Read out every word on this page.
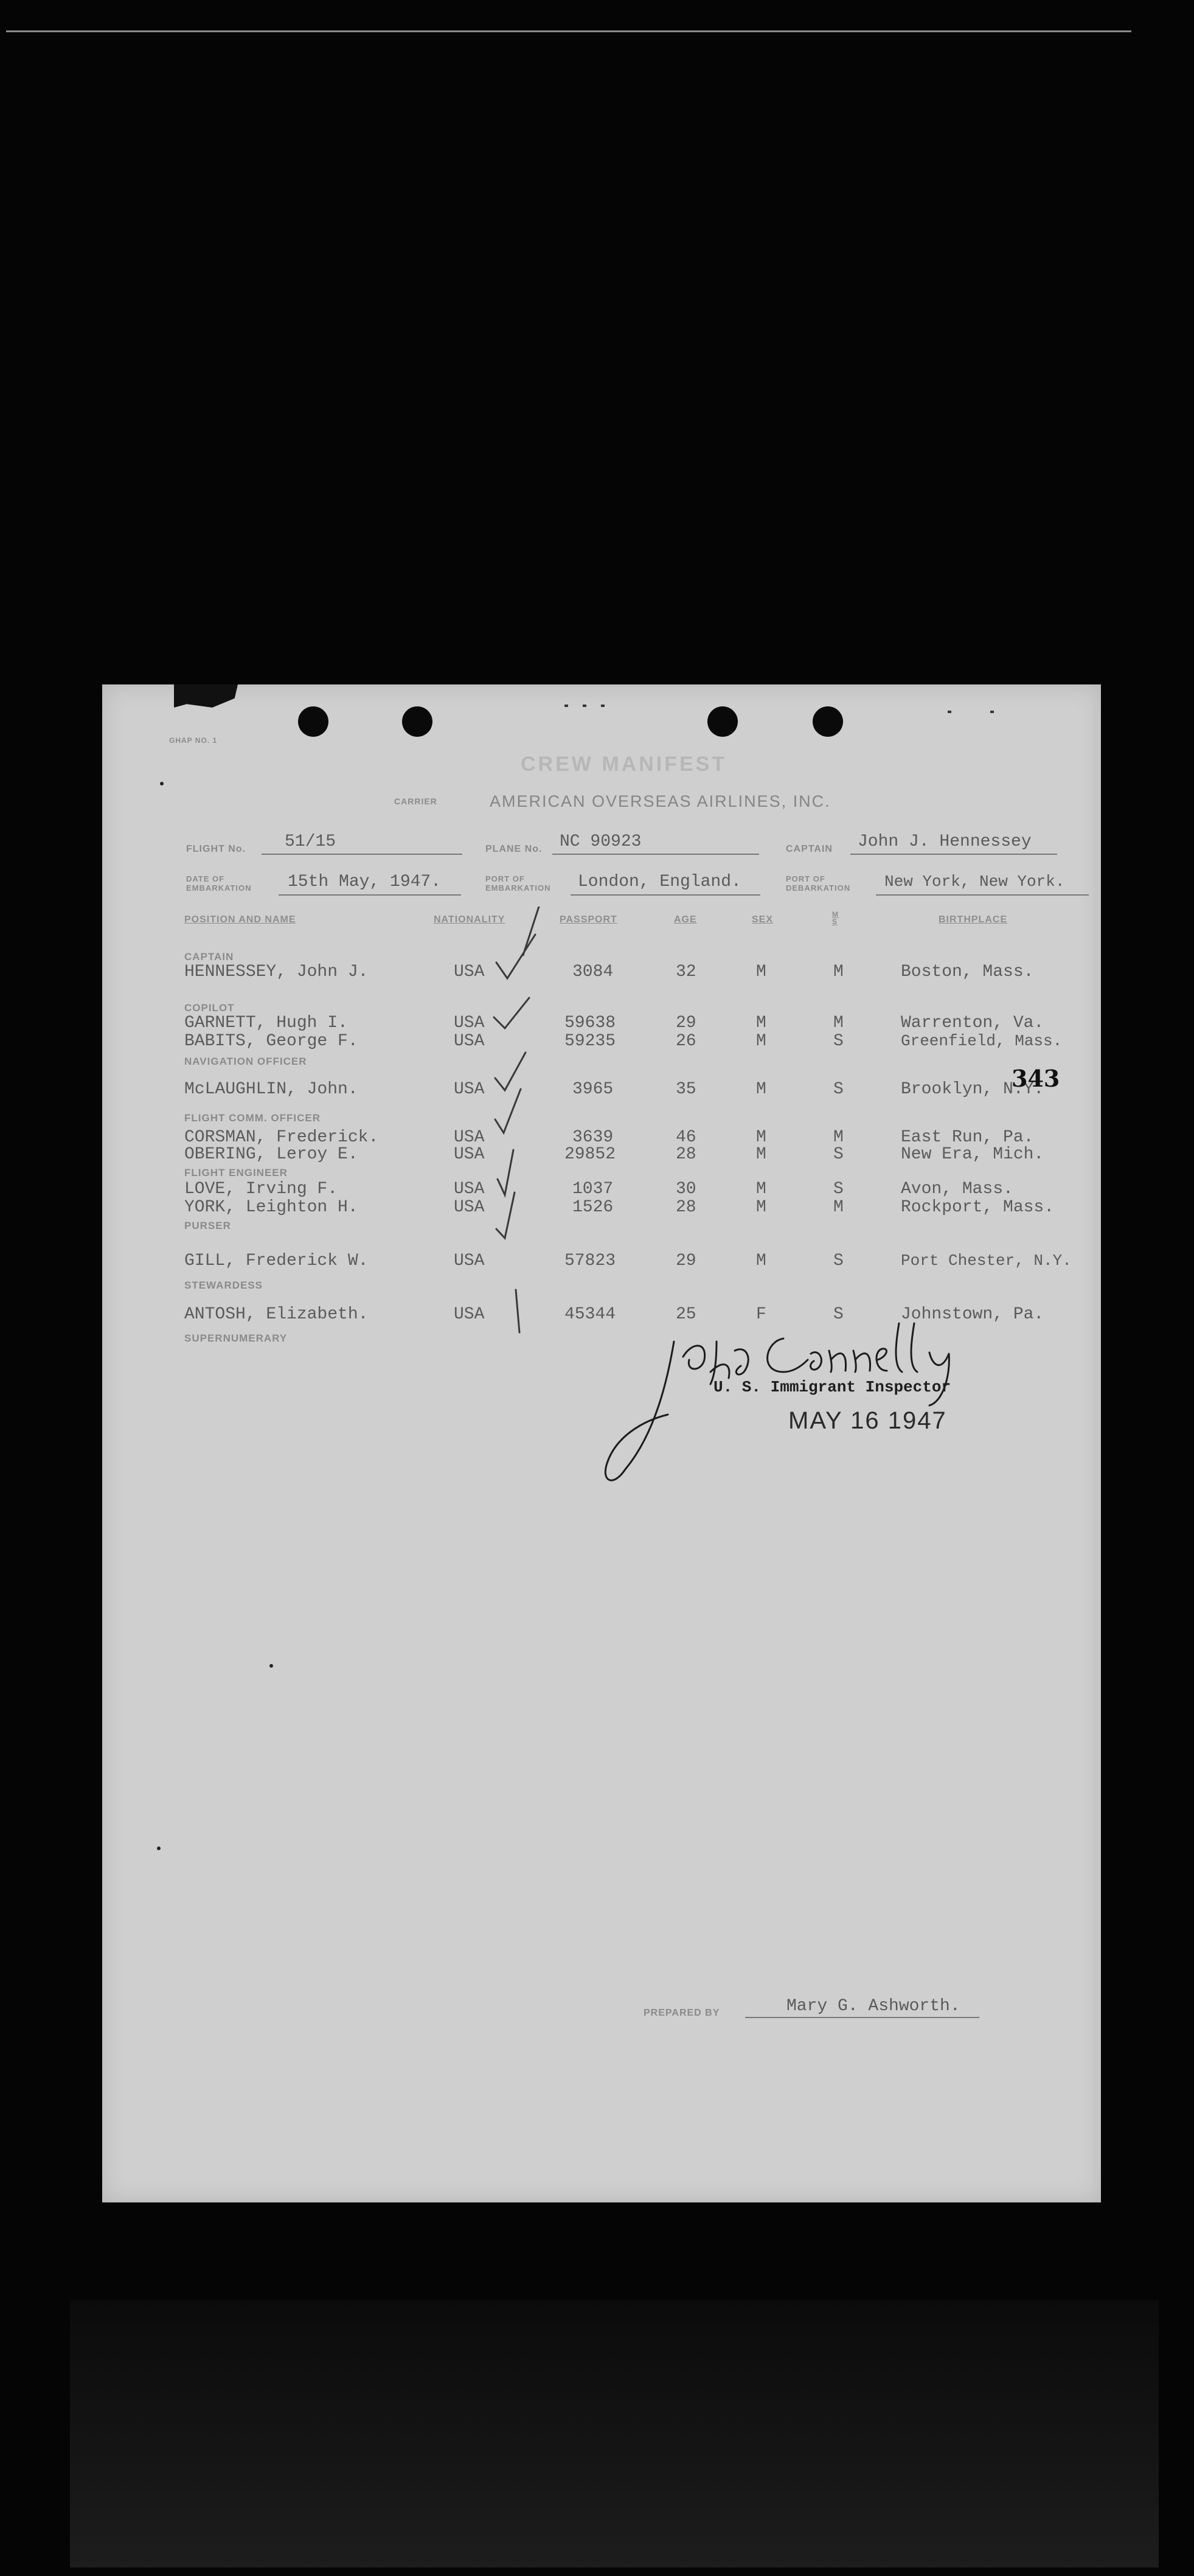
GHAP NO. 1
CREW MANIFEST
CARRIER	AMERICAN OVERSEAS AIRLINES, INC.
FLIGHT No. 51/15	PLANE No. NC 90923	CAPTAIN John J. Hennessey
DATE OF
EMBARKATION 15th May, 1947.	PORT OF
EMBARKATION London, England.	PORT OF
DEBARKATION New York, New York.
POSITION AND NAME	NATIONALITY	PASSPORT	AGE	SEX	M S	BIRTHPLACE
CAPTAIN
HENNESSEY, John J.	USA	3084	32	M	M	Boston, Mass.
COPILOT
GARNETT, Hugh I.	USA	59638	29	M	M	Warrenton, Va.
BABITS, George F.	USA	59235	26	M	S	Greenfield, Mass.
NAVIGATION OFFICER
McLAUGHLIN, John.	USA	3965	35	M	S	Brooklyn, N.Y.
FLIGHT COMM. OFFICER
CORSMAN, Frederick.	USA	3639	46	M	M	East Run, Pa.
OBERING, Leroy E.	USA	29852	28	M	S	New Era, Mich.
FLIGHT ENGINEER
LOVE, Irving F.	USA	1037	30	M	S	Avon, Mass.
YORK, Leighton H.	USA	1526	28	M	M	Rockport, Mass.
PURSER
GILL, Frederick W.	USA	57823	29	M	S	Port Chester, N.Y.
STEWARDESS
ANTOSH, Elizabeth.	USA	45344	25	F	S	Johnstown, Pa.
SUPERNUMERARY
U. S. Immigrant Inspector
MAY 16 1947
343
PREPARED BY	Mary G. Ashworth.
